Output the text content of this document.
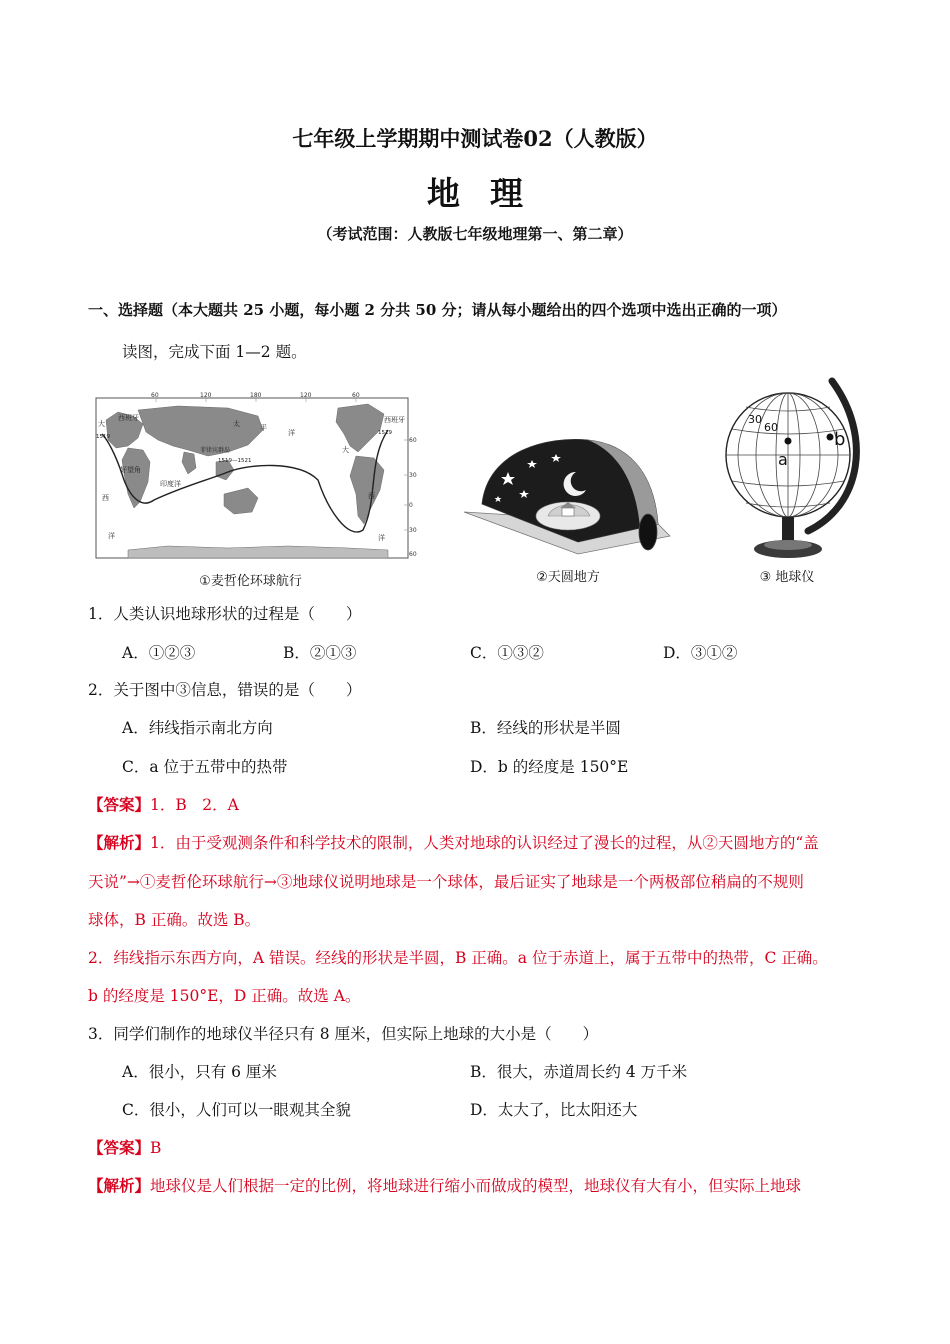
七年级上学期期中测试卷02（人教版）
地理
（考试范围：人教版七年级地理第一、第二章）
一、选择题（本大题共 25 小题，每小题 2 分共 50 分；请从每小题给出的四个选项中选出正确的一项）
读图，完成下面 1—2 题。
60	120	180	120	60
60
30
0
30
60
大
西班牙
太	平
洋
大
西班牙
好望角
印度洋
菲律宾群岛
西	西
洋	洋
1519
1519
1519—1521
①麦哲伦环球航行	②天圆地方
a
b
30
60
③ 地球仪
1．人类认识地球形状的过程是（　　）
A．①②③	B．②①③	C．①③②	D．③①②
2．关于图中③信息，错误的是（　　）
A．纬线指示南北方向	B．经线的形状是半圆
C．a 位于五带中的热带	D．b 的经度是 150°E
【答案】1．B　2．A
【解析】1．由于受观测条件和科学技术的限制，人类对地球的认识经过了漫长的过程，从②天圆地方的“盖
天说”→①麦哲伦环球航行→③地球仪说明地球是一个球体，最后证实了地球是一个两极部位稍扁的不规则
球体，B 正确。故选 B。
2．纬线指示东西方向，A 错误。经线的形状是半圆，B 正确。a 位于赤道上，属于五带中的热带，C 正确。
b 的经度是 150°E，D 正确。故选 A。
3．同学们制作的地球仪半径只有 8 厘米，但实际上地球的大小是（　　）
A．很小，只有 6 厘米	B．很大，赤道周长约 4 万千米
C．很小，人们可以一眼观其全貌	D．太大了，比太阳还大
【答案】B
【解析】地球仪是人们根据一定的比例，将地球进行缩小而做成的模型，地球仪有大有小，但实际上地球
